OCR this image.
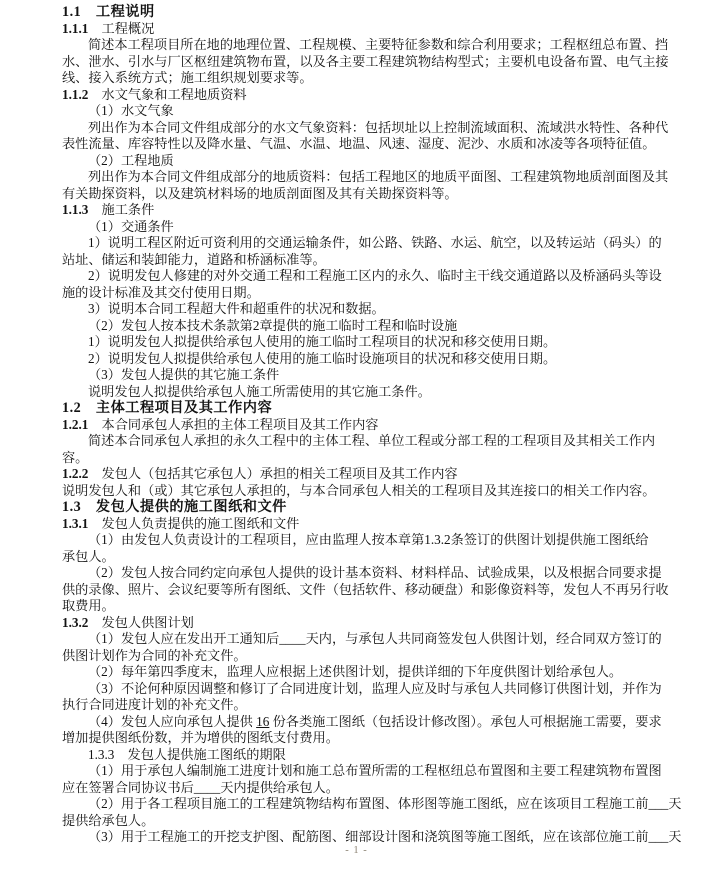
1.1　工程说明
1.1.1　工程概况
简述本工程项目所在地的地理位置、工程规模、主要特征参数和综合利用要求；工程枢纽总布置、挡
水、泄水、引水与厂区枢纽建筑物布置，以及各主要工程建筑物结构型式；主要机电设备布置、电气主接
线、接入系统方式；施工组织规划要求等。
1.1.2　水文气象和工程地质资料
（1）水文气象
列出作为本合同文件组成部分的水文气象资料：包括坝址以上控制流域面积、流域洪水特性、各种代
表性流量、库容特性以及降水量、气温、水温、地温、风速、湿度、泥沙、水质和冰凌等各项特征值。
（2）工程地质
列出作为本合同文件组成部分的地质资料：包括工程地区的地质平面图、工程建筑物地质剖面图及其
有关勘探资料，以及建筑材料场的地质剖面图及其有关勘探资料等。
1.1.3　施工条件
（1）交通条件
1）说明工程区附近可资利用的交通运输条件，如公路、铁路、水运、航空，以及转运站（码头）的
站址、储运和装卸能力，道路和桥涵标准等。
2）说明发包人修建的对外交通工程和工程施工区内的永久、临时主干线交通道路以及桥涵码头等设
施的设计标准及其交付使用日期。
3）说明本合同工程超大件和超重件的状况和数据。
（2）发包人按本技术条款第2章提供的施工临时工程和临时设施
1）说明发包人拟提供给承包人使用的施工临时工程项目的状况和移交使用日期。
2）说明发包人拟提供给承包人使用的施工临时设施项目的状况和移交使用日期。
（3）发包人提供的其它施工条件
说明发包人拟提供给承包人施工所需使用的其它施工条件。
1.2　主体工程项目及其工作内容
1.2.1　本合同承包人承担的主体工程项目及其工作内容
简述本合同承包人承担的永久工程中的主体工程、单位工程或分部工程的工程项目及其相关工作内
容。
1.2.2　发包人（包括其它承包人）承担的相关工程项目及其工作内容
说明发包人和（或）其它承包人承担的，与本合同承包人相关的工程项目及其连接口的相关工作内容。
1.3　发包人提供的施工图纸和文件
1.3.1　发包人负责提供的施工图纸和文件
（1）由发包人负责设计的工程项目，应由监理人按本章第1.3.2条签订的供图计划提供施工图纸给
承包人。
（2）发包人按合同约定向承包人提供的设计基本资料、材料样品、试验成果，以及根据合同要求提
供的录像、照片、会议纪要等所有图纸、文件（包括软件、移动硬盘）和影像资料等，发包人不再另行收
取费用。
1.3.2　发包人供图计划
（1）发包人应在发出开工通知后____天内，与承包人共同商签发包人供图计划，经合同双方签订的
供图计划作为合同的补充文件。
（2）每年第四季度末，监理人应根据上述供图计划，提供详细的下年度供图计划给承包人。
（3）不论何种原因调整和修订了合同进度计划，监理人应及时与承包人共同修订供图计划，并作为
执行合同进度计划的补充文件。
（4）发包人应向承包人提供 16 份各类施工图纸（包括设计修改图）。承包人可根据施工需要，要求
增加提供图纸份数，并为增供的图纸支付费用。
1.3.3　发包人提供施工图纸的期限
（1）用于承包人编制施工进度计划和施工总布置所需的工程枢纽总布置图和主要工程建筑物布置图
应在签署合同协议书后____天内提供给承包人。
（2）用于各工程项目施工的工程建筑物结构布置图、体形图等施工图纸，应在该项目工程施工前___天
提供给承包人。
（3）用于工程施工的开挖支护图、配筋图、细部设计图和浇筑图等施工图纸，应在该部位施工前___天
- 1 -
